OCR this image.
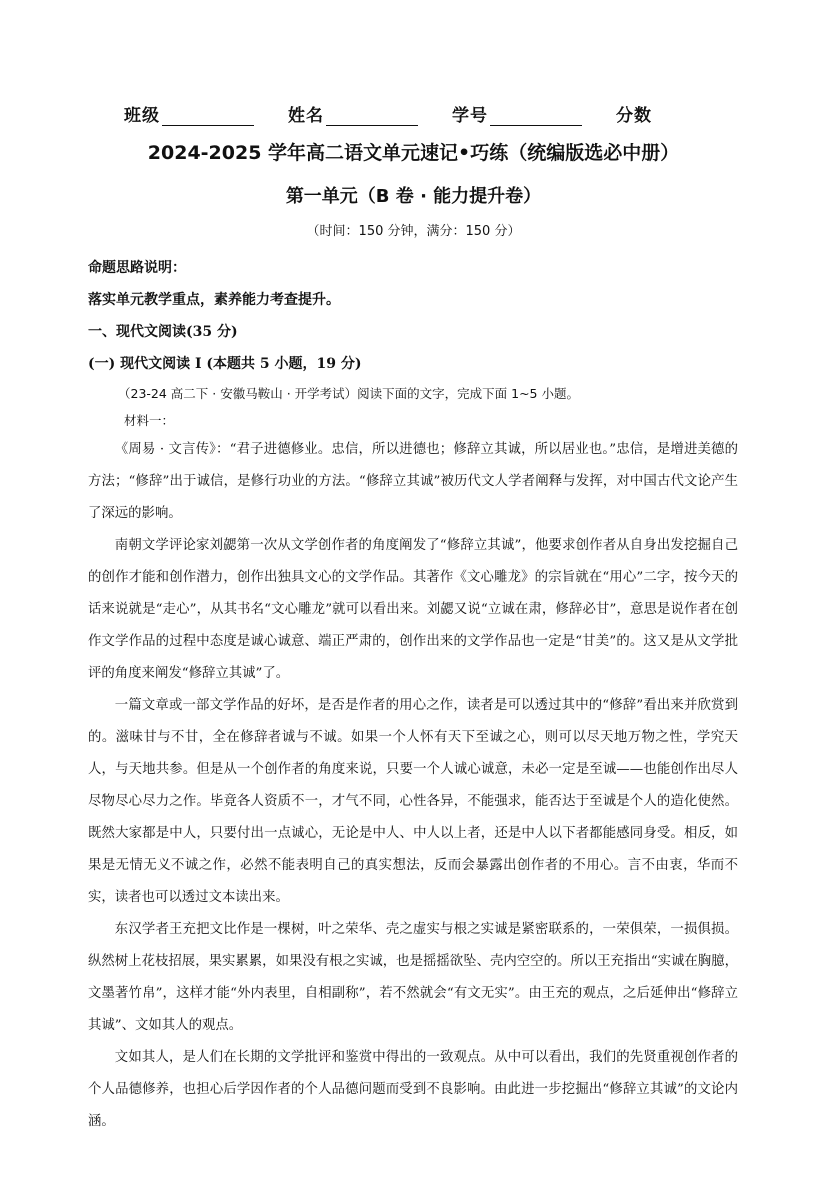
班级	姓名	学号	分数
2024-2025 学年高二语文单元速记•巧练（统编版选必中册）
第一单元（B 卷 · 能力提升卷）
（时间：150 分钟，满分：150 分）
命题思路说明：
落实单元教学重点，素养能力考查提升。
一、现代文阅读(35 分)
(一) 现代文阅读 Ⅰ (本题共 5 小题，19 分)
（23-24 高二下 · 安徽马鞍山 · 开学考试）阅读下面的文字，完成下面 1~5 小题。
材料一：

《周易 · 文言传》：“君子进德修业。忠信，所以进德也；修辞立其诚，所以居业也。”忠信，是增进美德的方法；“修辞”出于诚信，是修行功业的方法。“修辞立其诚”被历代文人学者阐释与发挥，对中国古代文论产生了深远的影响。

南朝文学评论家刘勰第一次从文学创作者的角度阐发了“修辞立其诚”，他要求创作者从自身出发挖掘自己的创作才能和创作潜力，创作出独具文心的文学作品。其著作《文心雕龙》的宗旨就在“用心”二字，按今天的话来说就是“走心”，从其书名“文心雕龙”就可以看出来。刘勰又说“立诚在肃，修辞必甘”，意思是说作者在创作文学作品的过程中态度是诚心诚意、端正严肃的，创作出来的文学作品也一定是“甘美”的。这又是从文学批评的角度来阐发“修辞立其诚”了。

一篇文章或一部文学作品的好坏，是否是作者的用心之作，读者是可以透过其中的“修辞”看出来并欣赏到的。滋味甘与不甘，全在修辞者诚与不诚。如果一个人怀有天下至诚之心，则可以尽天地万物之性，学究天人，与天地共参。但是从一个创作者的角度来说，只要一个人诚心诚意，未必一定是至诚——也能创作出尽人尽物尽心尽力之作。毕竟各人资质不一，才气不同，心性各异，不能强求，能否达于至诚是个人的造化使然。既然大家都是中人，只要付出一点诚心，无论是中人、中人以上者，还是中人以下者都能感同身受。相反，如果是无情无义不诚之作，必然不能表明自己的真实想法，反而会暴露出创作者的不用心。言不由衷，华而不实，读者也可以透过文本读出来。

东汉学者王充把文比作是一棵树，叶之荣华、壳之虚实与根之实诚是紧密联系的，一荣俱荣，一损俱损。纵然树上花枝招展，果实累累，如果没有根之实诚，也是摇摇欲坠、壳内空空的。所以王充指出“实诚在胸臆，文墨著竹帛”，这样才能“外内表里，自相副称”，若不然就会“有文无实”。由王充的观点，之后延伸出“修辞立其诚”、文如其人的观点。

文如其人，是人们在长期的文学批评和鉴赏中得出的一致观点。从中可以看出，我们的先贤重视创作者的个人品德修养，也担心后学因作者的个人品德问题而受到不良影响。由此进一步挖掘出“修辞立其诚”的文论内涵。
